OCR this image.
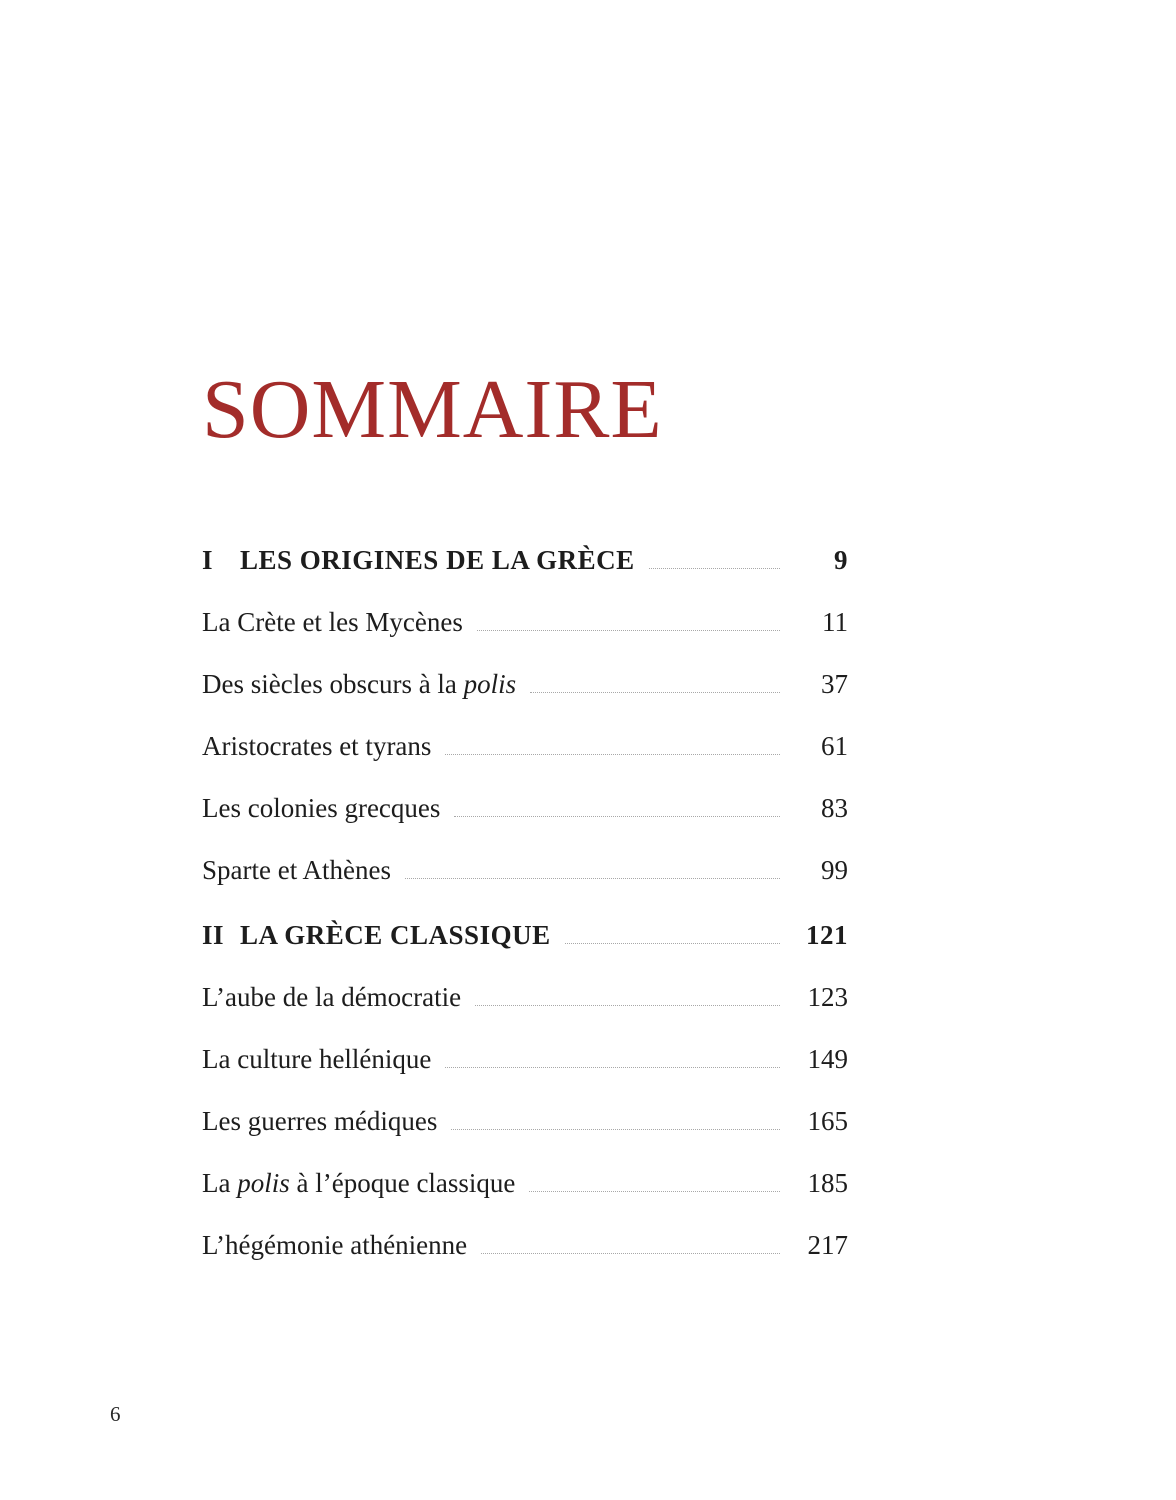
SOMMAIRE
I LES ORIGINES DE LA GRÈCE	9
La Crète et les Mycènes	11
Des siècles obscurs à la polis	37
Aristocrates et tyrans	61
Les colonies grecques	83
Sparte et Athènes	99
II LA GRÈCE CLASSIQUE	121
L’aube de la démocratie	123
La culture hellénique	149
Les guerres médiques	165
La polis à l’époque classique	185
L’hégémonie athénienne	217
6
